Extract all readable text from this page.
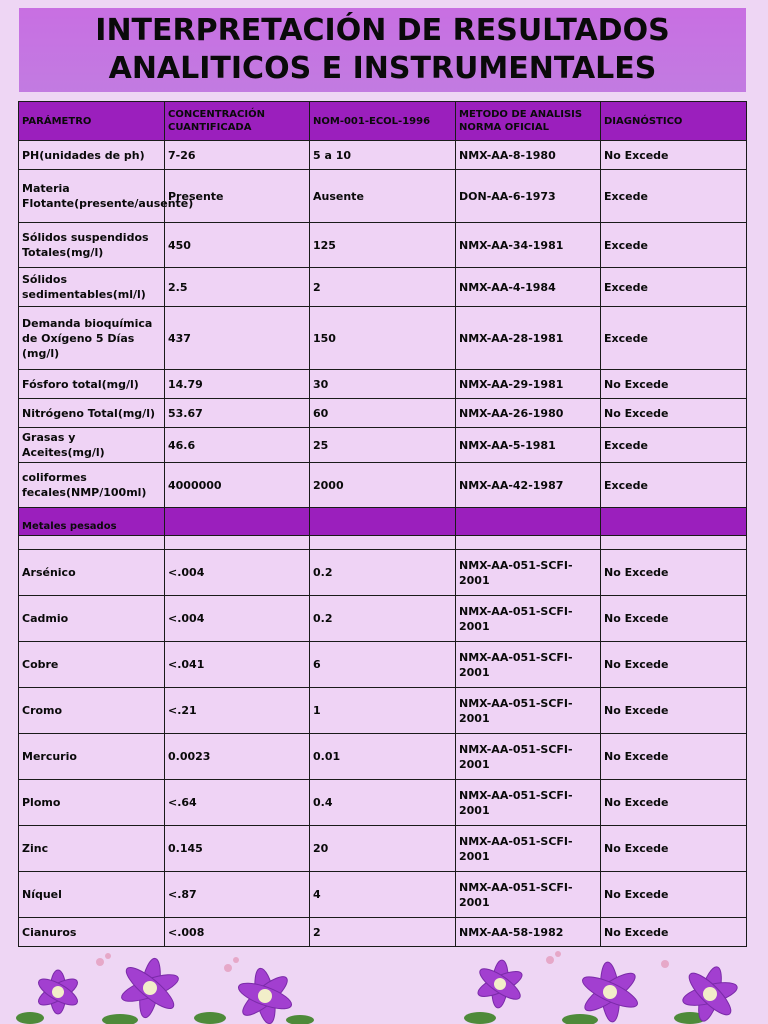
INTERPRETACIÓN DE RESULTADOS
ANALITICOS E INSTRUMENTALES
PARÁMETRO	CONCENTRACIÓN CUANTIFICADA	NOM-001-ECOL-1996	METODO DE ANALISIS NORMA OFICIAL	DIAGNÓSTICO
PH(unidades de ph)	7-26	5 a 10	NMX-AA-8-1980	No Excede
Materia Flotante(presente/ausente)	Presente	Ausente	DON-AA-6-1973	Excede
Sólidos suspendidos Totales(mg/l)	450	125	NMX-AA-34-1981	Excede
Sólidos sedimentables(ml/l)	2.5	2	NMX-AA-4-1984	Excede
Demanda bioquímica de Oxígeno 5 Días (mg/l)	437	150	NMX-AA-28-1981	Excede
Fósforo total(mg/l)	14.79	30	NMX-AA-29-1981	No Excede
Nitrógeno Total(mg/l)	53.67	60	NMX-AA-26-1980	No Excede
Grasas y Aceites(mg/l)	46.6	25	NMX-AA-5-1981	Excede
coliformes fecales(NMP/100ml)	4000000	2000	NMX-AA-42-1987	Excede
Metales pesados				

Arsénico	<.004	0.2	NMX-AA-051-SCFI-2001	No Excede
Cadmio	<.004	0.2	NMX-AA-051-SCFI-2001	No Excede
Cobre	<.041	6	NMX-AA-051-SCFI-2001	No Excede
Cromo	<.21	1	NMX-AA-051-SCFI-2001	No Excede
Mercurio	0.0023	0.01	NMX-AA-051-SCFI-2001	No Excede
Plomo	<.64	0.4	NMX-AA-051-SCFI-2001	No Excede
Zinc	0.145	20	NMX-AA-051-SCFI-2001	No Excede
Níquel	<.87	4	NMX-AA-051-SCFI-2001	No Excede
Cianuros	<.008	2	NMX-AA-58-1982	No Excede
